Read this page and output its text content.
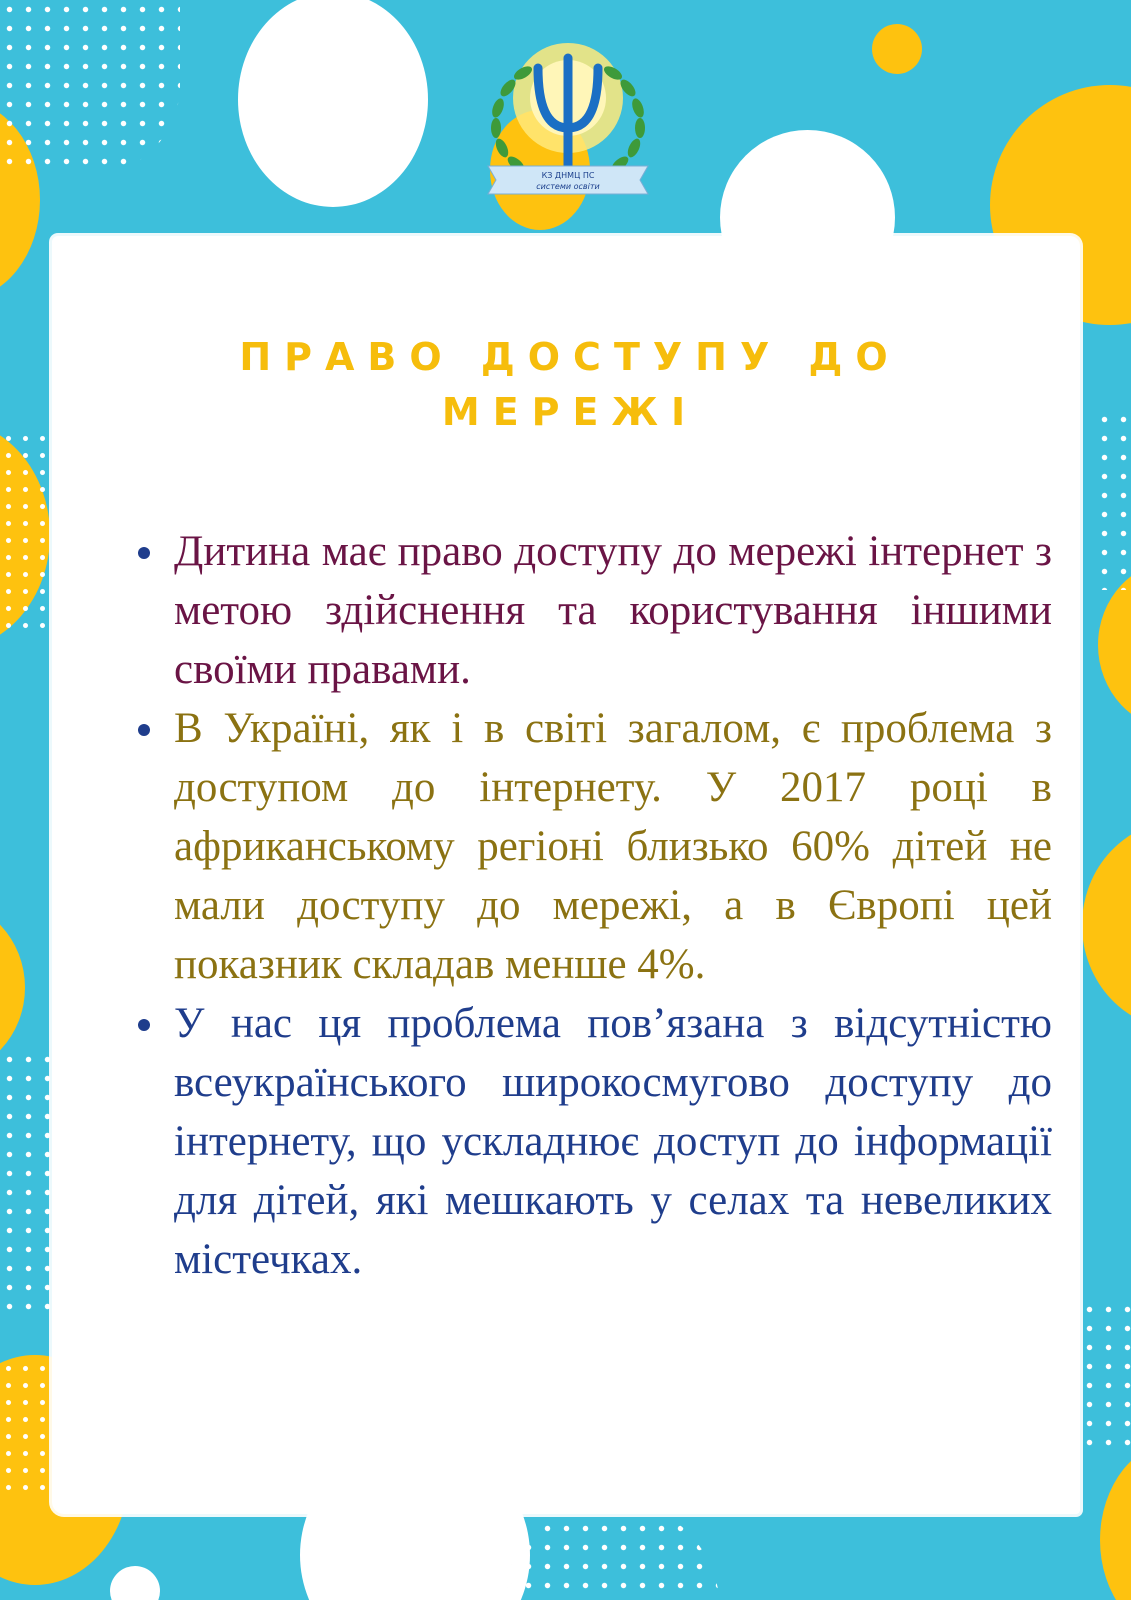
КЗ ДНМЦ ПС
системи освіти
ПРАВО ДОСТУПУ ДО
МЕРЕЖІ
Дитина має право доступу до мережі інтернет з метою здійснення та користування іншими своїми правами.
В Україні, як і в світі загалом, є проблема з доступом до інтернету. У 2017 році в африканському регіоні близько 60% дітей не мали доступу до мережі, а в Європі цей показник складав менше 4%.
У нас ця проблема пов’язана з відсутністю всеукраїнського широкосмугово доступу до інтернету, що ускладнює доступ до інформації для дітей, які мешкають у селах та невеликих містечках.
